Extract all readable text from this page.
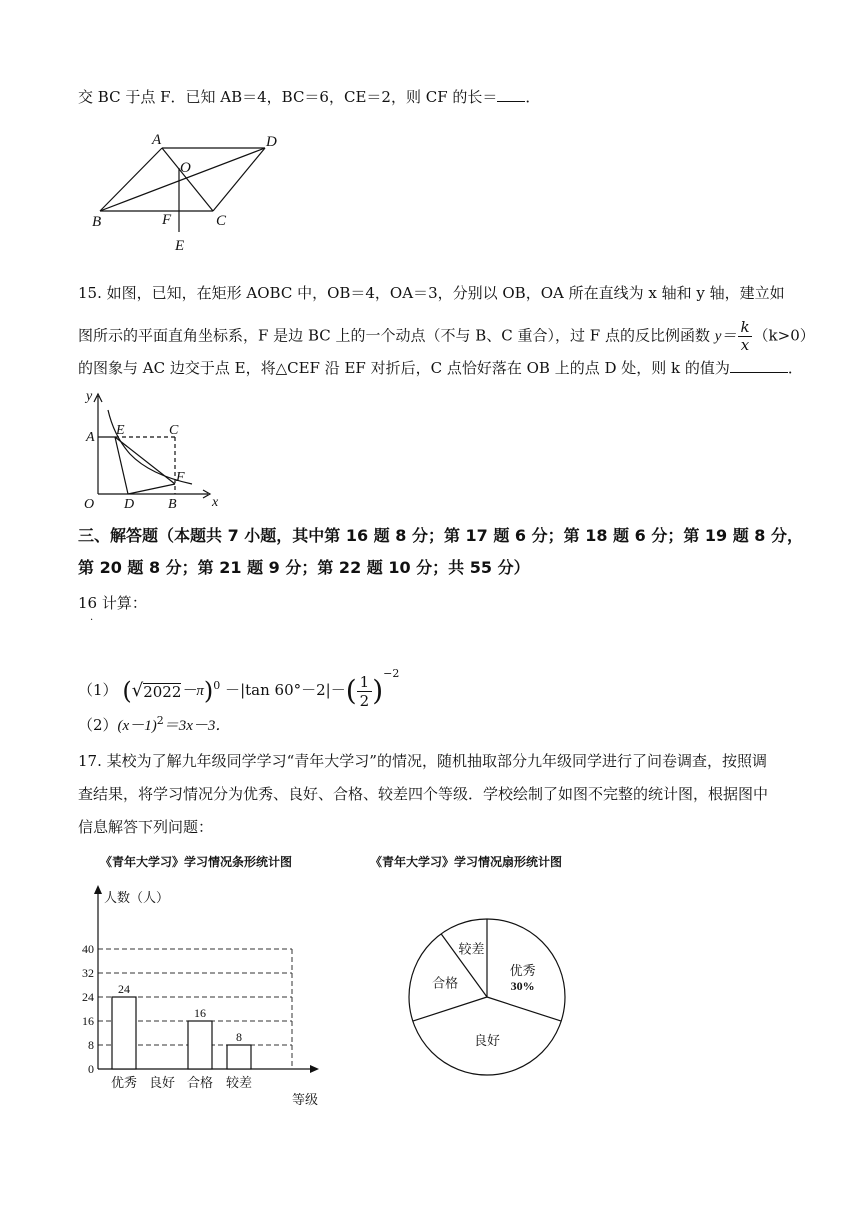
交 BC 于点 F．已知 AB＝4，BC＝6，CE＝2，则 CF 的长＝ ．
A	D
O
B	F	C
E
15. 如图，已知，在矩形 AOBC 中，OB＝4，OA＝3，分别以 OB，OA 所在直线为 x 轴和 y 轴，建立如
图所示的平面直角坐标系，F 是边 BC 上的一个动点（不与 B、C 重合），过 F 点的反比例函数 $y= \frac{k}{x} (k>0)$
的图象与 AC 边交于点 E，将△CEF 沿 EF 对折后，C 点恰好落在 OB 上的点 D 处，则 k 的值为	．
y
x
A E	C
F
O D B
三、解答题（本题共 7 小题，其中第 16 题 8 分；第 17 题 6 分；第 18 题 6 分；第 19 题 8 分，
第 20 题 8 分；第 21 题 9 分；第 22 题 10 分；共 55 分）
16 计算：
.
（1） $(√2022-\pi)^0 -|\tan$ $60^\circ-2|-( \frac{1}{2} )^{-2}$
$(2)(x-1)^2=3x-3$．
17. 某校为了解九年级同学学习“青年大学习”的情况，随机抽取部分九年级同学进行了问卷调查，按照调
查结果，将学习情况分为优秀、良好、合格、较差四个等级．学校绘制了如图不完整的统计图，根据图中
信息解答下列问题：
《青年大学习》学习情况条形统计图	《青年大学习》学习情况扇形统计图
0
8
16
24
32
40
人数（人）
等级
24
优秀 良好
16
合格
8
较差
优秀
30%
良好
合格
较差
